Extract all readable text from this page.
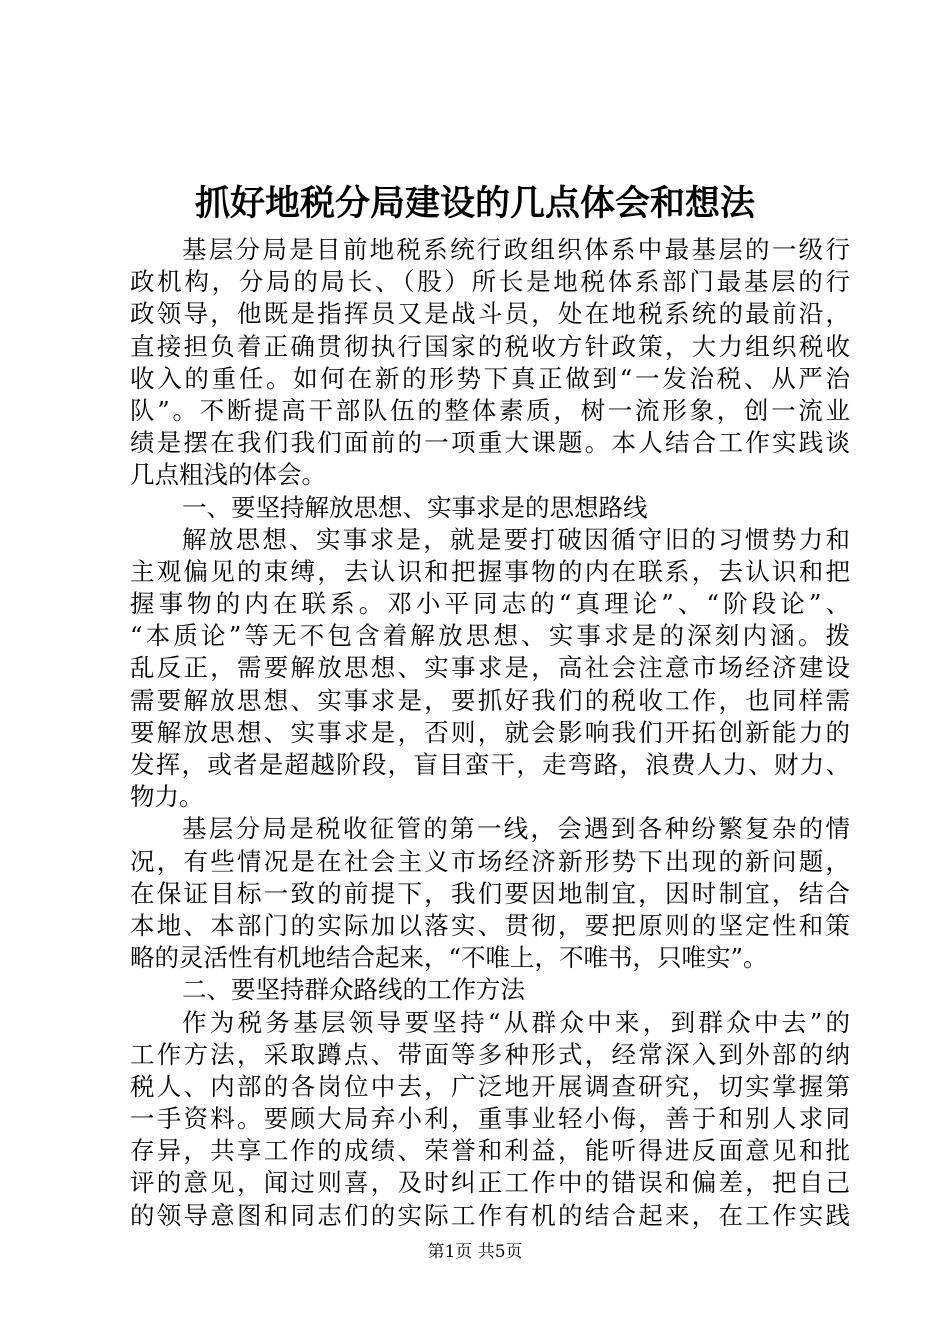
抓好地税分局建设的几点体会和想法
基层分局是目前地税系统行政组织体系中最基层的一级行
政机构，分局的局长、（股）所长是地税体系部门最基层的行
政领导，他既是指挥员又是战斗员，处在地税系统的最前沿，
直接担负着正确贯彻执行国家的税收方针政策，大力组织税收
收入的重任。如何在新的形势下真正做到“一发治税、从严治
队”。不断提高干部队伍的整体素质，树一流形象，创一流业
绩是摆在我们我们面前的一项重大课题。本人结合工作实践谈
几点粗浅的体会。
一、要坚持解放思想、实事求是的思想路线
解放思想、实事求是，就是要打破因循守旧的习惯势力和
主观偏见的束缚，去认识和把握事物的内在联系，去认识和把
握事物的内在联系。邓小平同志的“真理论”、“阶段论”、
“本质论”等无不包含着解放思想、实事求是的深刻内涵。拨
乱反正，需要解放思想、实事求是，高社会注意市场经济建设
需要解放思想、实事求是，要抓好我们的税收工作，也同样需
要解放思想、实事求是，否则，就会影响我们开拓创新能力的
发挥，或者是超越阶段，盲目蛮干，走弯路，浪费人力、财力、
物力。
基层分局是税收征管的第一线，会遇到各种纷繁复杂的情
况，有些情况是在社会主义市场经济新形势下出现的新问题，
在保证目标一致的前提下，我们要因地制宜，因时制宜，结合
本地、本部门的实际加以落实、贯彻，要把原则的坚定性和策
略的灵活性有机地结合起来，“不唯上，不唯书，只唯实”。
二、要坚持群众路线的工作方法
作为税务基层领导要坚持“从群众中来，到群众中去”的
工作方法，采取蹲点、带面等多种形式，经常深入到外部的纳
税人、内部的各岗位中去，广泛地开展调查研究，切实掌握第
一手资料。要顾大局弃小利，重事业轻小侮，善于和别人求同
存异，共享工作的成绩、荣誉和利益，能听得进反面意见和批
评的意见，闻过则喜，及时纠正工作中的错误和偏差，把自己
的领导意图和同志们的实际工作有机的结合起来，在工作实践
第1页 共5页
